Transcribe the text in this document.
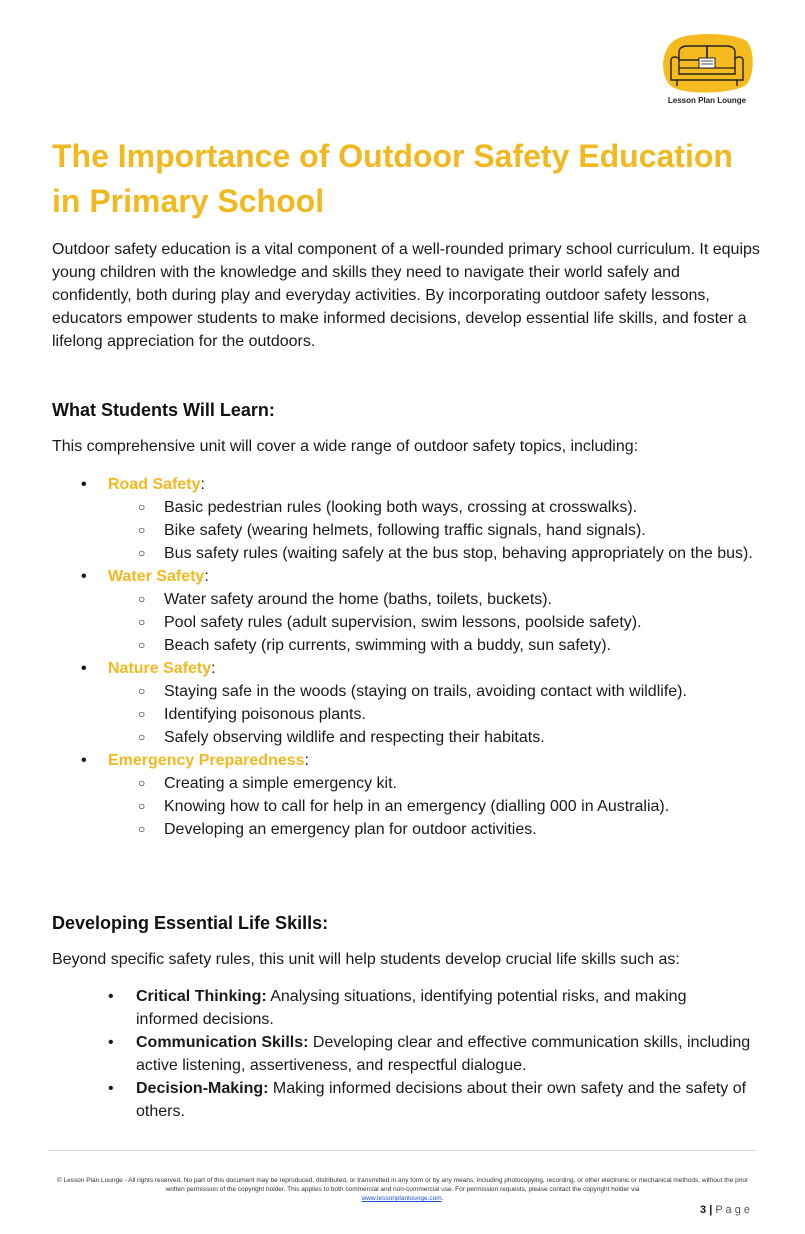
Lesson Plan Lounge
The Importance of Outdoor Safety Education in Primary School

Outdoor safety education is a vital component of a well-rounded primary school curriculum. It equips young children with the knowledge and skills they need to navigate their world safely and confidently, both during play and everyday activities. By incorporating outdoor safety lessons, educators empower students to make informed decisions, develop essential life skills, and foster a lifelong appreciation for the outdoors.

What Students Will Learn:

This comprehensive unit will cover a wide range of outdoor safety topics, including:

• Road Safety:
○ Basic pedestrian rules (looking both ways, crossing at crosswalks).
○ Bike safety (wearing helmets, following traffic signals, hand signals).
○ Bus safety rules (waiting safely at the bus stop, behaving appropriately on the bus).
• Water Safety:
○ Water safety around the home (baths, toilets, buckets).
○ Pool safety rules (adult supervision, swim lessons, poolside safety).
○ Beach safety (rip currents, swimming with a buddy, sun safety).
• Nature Safety:
○ Staying safe in the woods (staying on trails, avoiding contact with wildlife).
○ Identifying poisonous plants.
○ Safely observing wildlife and respecting their habitats.
• Emergency Preparedness:
○ Creating a simple emergency kit.
○ Knowing how to call for help in an emergency (dialling 000 in Australia).
○ Developing an emergency plan for outdoor activities.
Developing Essential Life Skills:

Beyond specific safety rules, this unit will help students develop crucial life skills such as:

• Critical Thinking: Analysing situations, identifying potential risks, and making informed decisions.
• Communication Skills: Developing clear and effective communication skills, including active listening, assertiveness, and respectful dialogue.
• Decision-Making: Making informed decisions about their own safety and the safety of others.
© Lesson Plan Lounge - All rights reserved. No part of this document may be reproduced, distributed, or transmitted in any form or by any means, including photocopying, recording, or other electronic or mechanical methods, without the prior written permission of the copyright holder. This applies to both commercial and non-commercial use. For permission requests, please contact the copyright holder via
www.lessonplanlounge.com.
3 | P a g e
